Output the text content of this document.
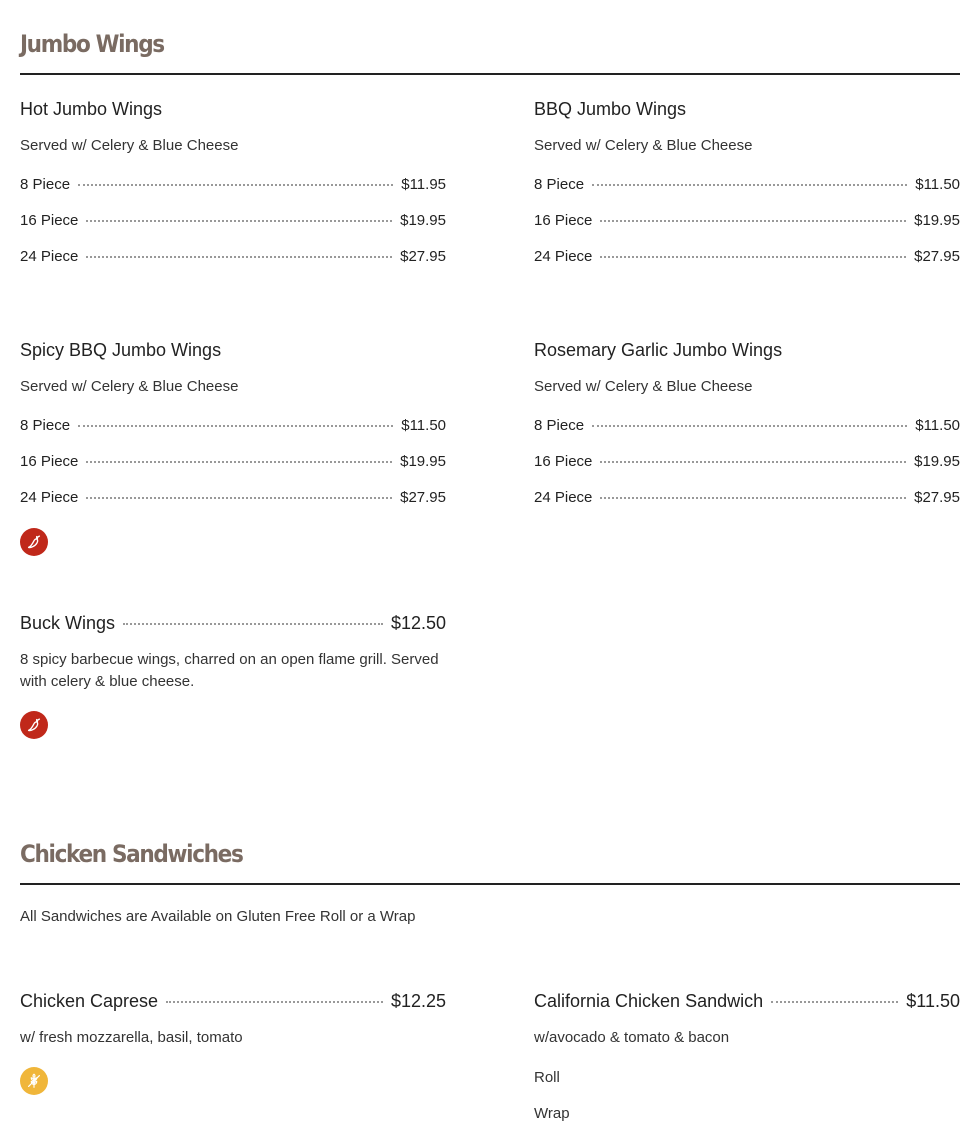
Jumbo Wings
Hot Jumbo Wings
Served w/ Celery & Blue Cheese
8 Piece	$11.95
16 Piece	$19.95
24 Piece	$27.95
BBQ Jumbo Wings
Served w/ Celery & Blue Cheese
8 Piece	$11.50
16 Piece	$19.95
24 Piece	$27.95
Spicy BBQ Jumbo Wings
Served w/ Celery & Blue Cheese
8 Piece	$11.50
16 Piece	$19.95
24 Piece	$27.95
Rosemary Garlic Jumbo Wings
Served w/ Celery & Blue Cheese
8 Piece	$11.50
16 Piece	$19.95
24 Piece	$27.95
Buck Wings	$12.50
8 spicy barbecue wings, charred on an open flame grill. Served with celery & blue cheese.
Chicken Sandwiches
All Sandwiches are Available on Gluten Free Roll or a Wrap
Chicken Caprese	$12.25
w/ fresh mozzarella, basil, tomato
California Chicken Sandwich	$11.50
w/avocado & tomato & bacon
Roll
Wrap
